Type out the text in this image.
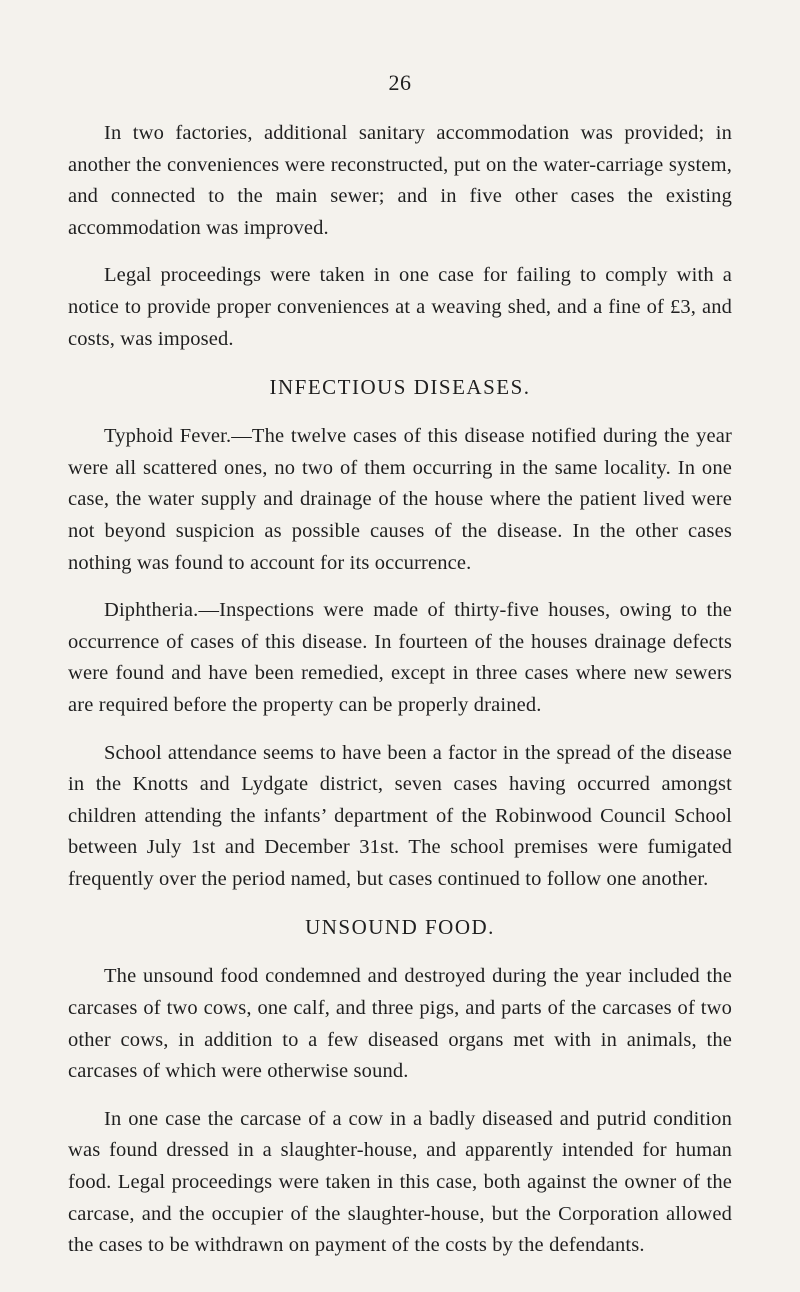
26

In two factories, additional sanitary accommodation was provided; in another the conveniences were reconstructed, put on the water-carriage system, and connected to the main sewer; and in five other cases the existing accommodation was improved.

Legal proceedings were taken in one case for failing to comply with a notice to provide proper conveniences at a weaving shed, and a fine of £3, and costs, was imposed.

INFECTIOUS DISEASES.

Typhoid Fever.—The twelve cases of this disease notified during the year were all scattered ones, no two of them occurring in the same locality. In one case, the water supply and drainage of the house where the patient lived were not beyond suspicion as possible causes of the disease. In the other cases nothing was found to account for its occurrence.

Diphtheria.—Inspections were made of thirty-five houses, owing to the occurrence of cases of this disease. In fourteen of the houses drainage defects were found and have been remedied, except in three cases where new sewers are required before the property can be properly drained.

School attendance seems to have been a factor in the spread of the disease in the Knotts and Lydgate district, seven cases having occurred amongst children attending the infants’ department of the Robinwood Council School between July 1st and December 31st. The school premises were fumigated frequently over the period named, but cases continued to follow one another.

UNSOUND FOOD.

The unsound food condemned and destroyed during the year included the carcases of two cows, one calf, and three pigs, and parts of the carcases of two other cows, in addition to a few diseased organs met with in animals, the carcases of which were otherwise sound.

In one case the carcase of a cow in a badly diseased and putrid condition was found dressed in a slaughter-house, and apparently intended for human food. Legal proceedings were taken in this case, both against the owner of the carcase, and the occupier of the slaughter-house, but the Corporation allowed the cases to be withdrawn on payment of the costs by the defendants.
